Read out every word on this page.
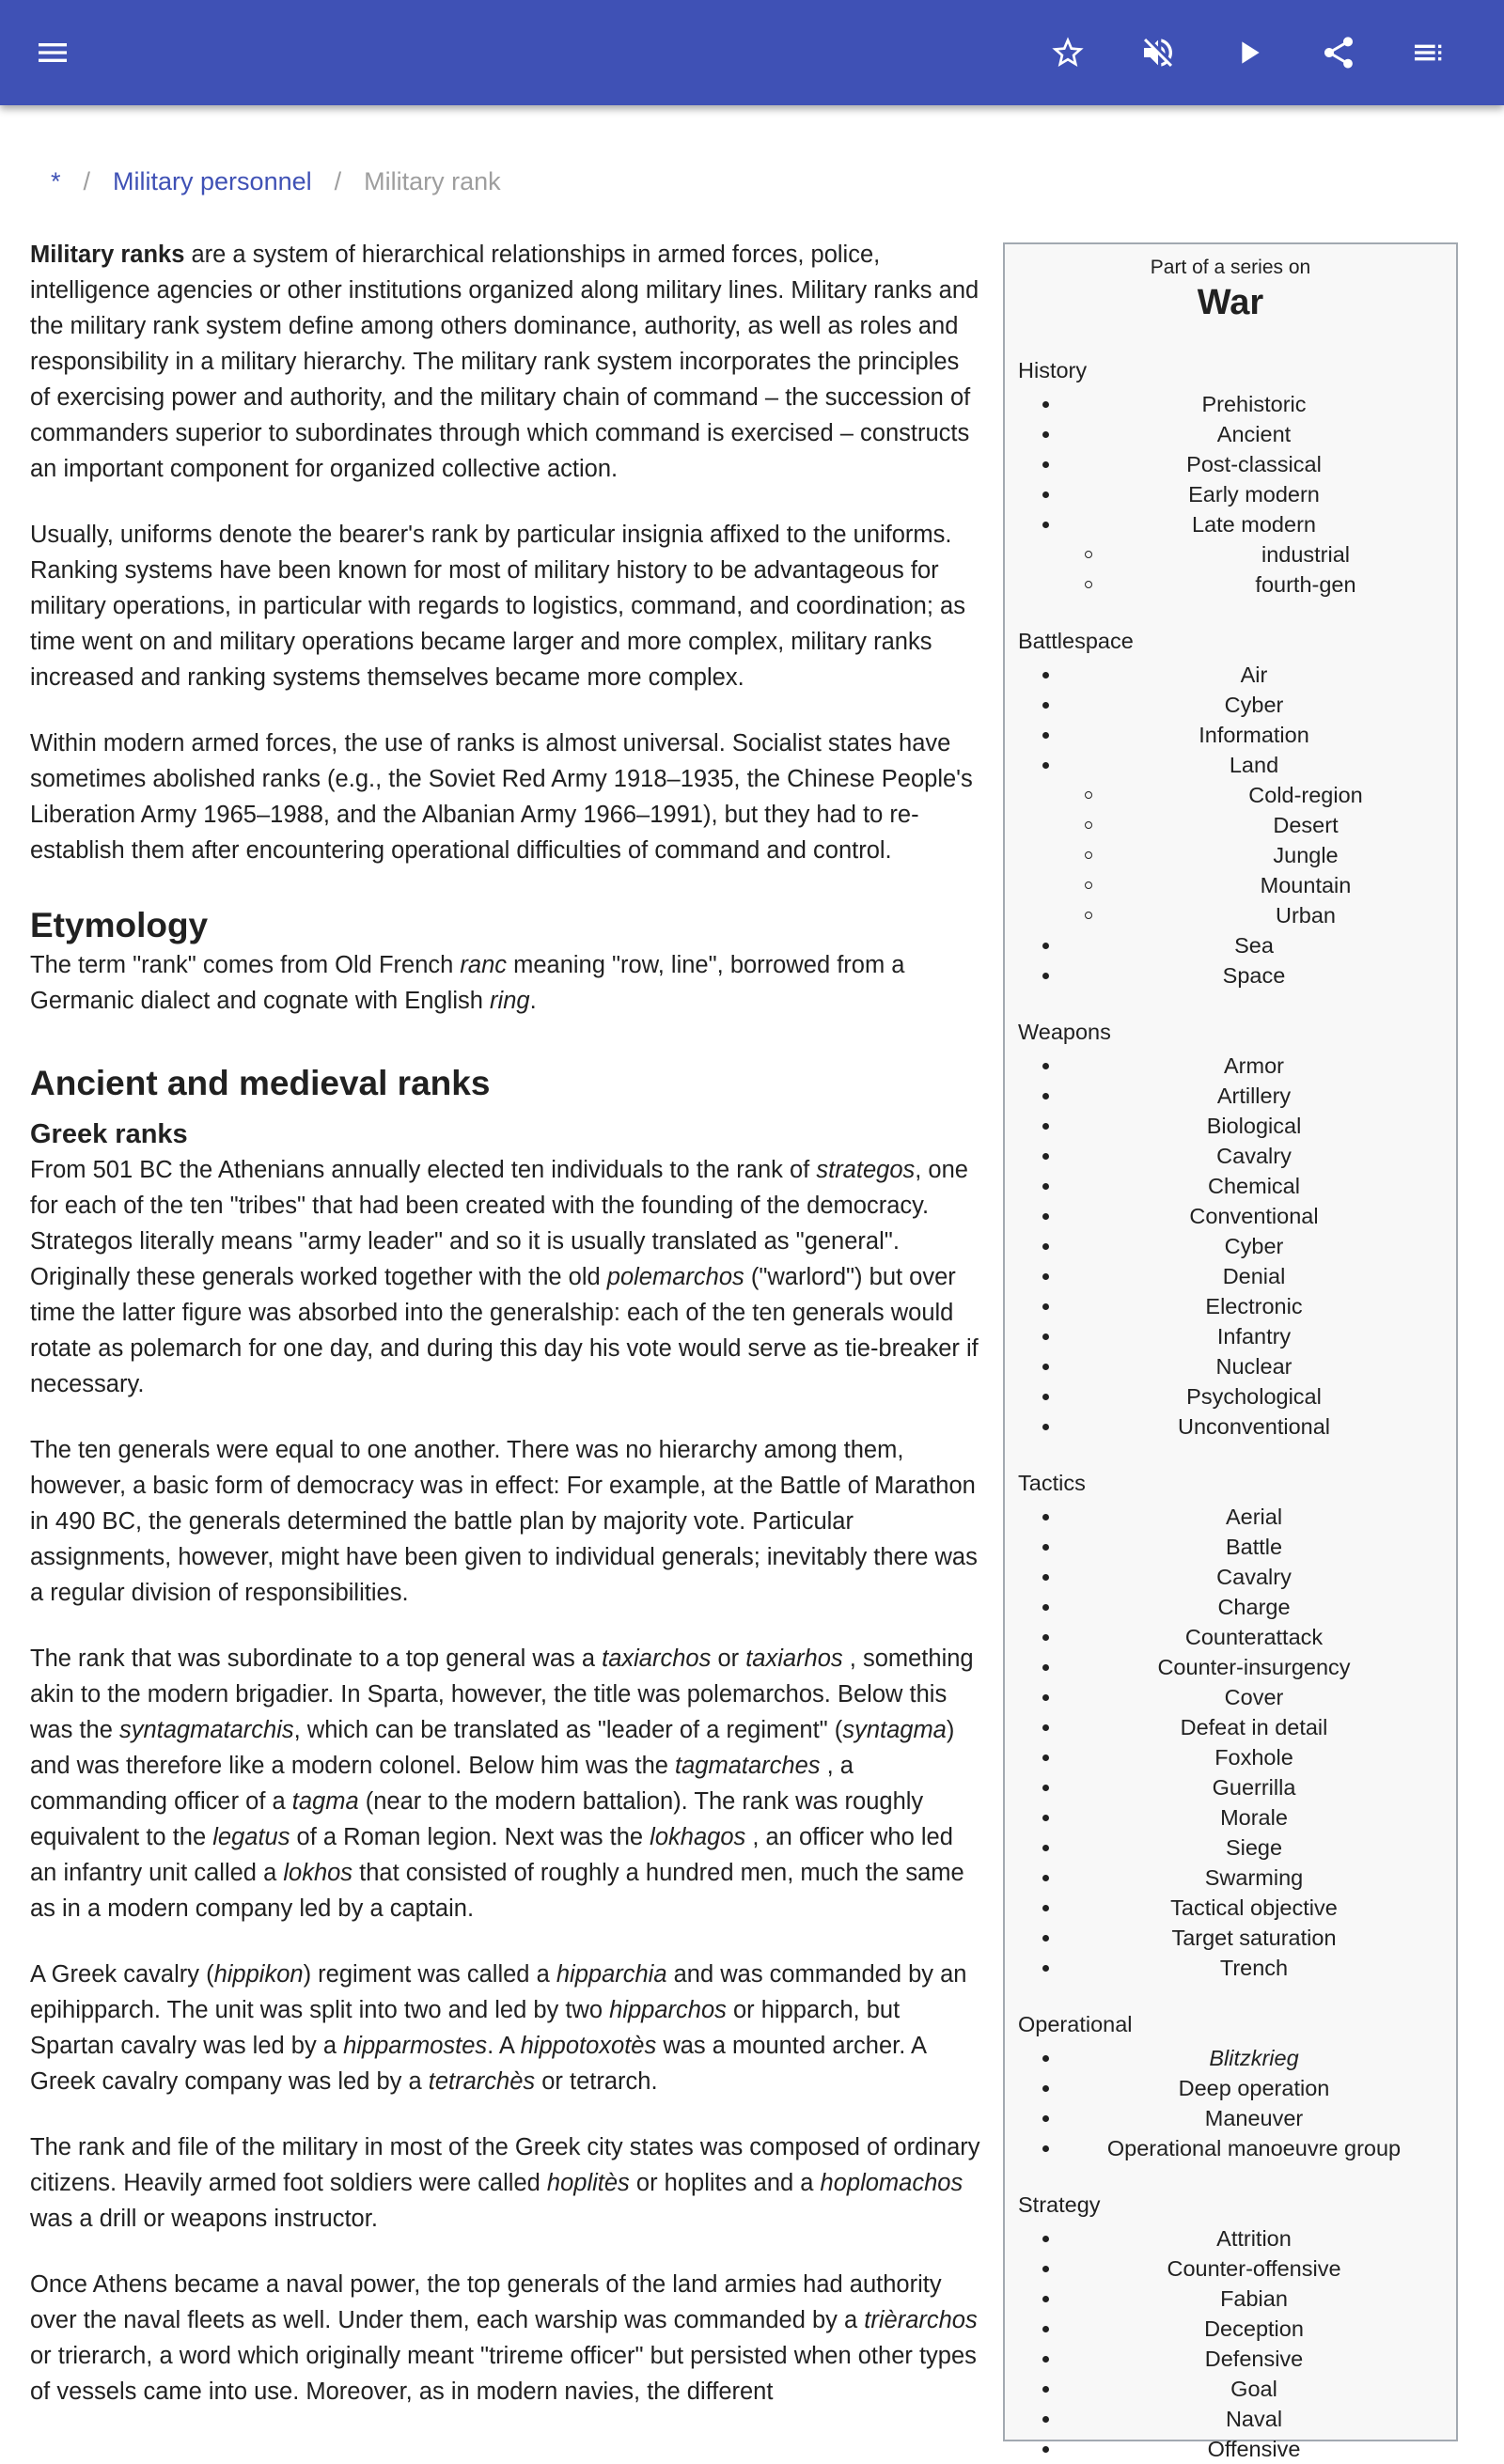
* / Military personnel / Military rank

Military ranks are a system of hierarchical relationships in armed forces, police, intelligence agencies or other institutions organized along military lines. Military ranks and the military rank system define among others dominance, authority, as well as roles and responsibility in a military hierarchy. The military rank system incorporates the principles of exercising power and authority, and the military chain of command – the succession of commanders superior to subordinates through which command is exercised – constructs an important component for organized collective action.

Usually, uniforms denote the bearer's rank by particular insignia affixed to the uniforms. Ranking systems have been known for most of military history to be advantageous for military operations, in particular with regards to logistics, command, and coordination; as time went on and military operations became larger and more complex, military ranks increased and ranking systems themselves became more complex.

Within modern armed forces, the use of ranks is almost universal. Socialist states have sometimes abolished ranks (e.g., the Soviet Red Army 1918–1935, the Chinese People's Liberation Army 1965–1988, and the Albanian Army 1966–1991), but they had to re-establish them after encountering operational difficulties of command and control.

Etymology

The term "rank" comes from Old French ranc meaning "row, line", borrowed from a Germanic dialect and cognate with English ring.

Ancient and medieval ranks
Greek ranks

From 501 BC the Athenians annually elected ten individuals to the rank of strategos, one for each of the ten "tribes" that had been created with the founding of the democracy. Strategos literally means "army leader" and so it is usually translated as "general". Originally these generals worked together with the old polemarchos ("warlord") but over time the latter figure was absorbed into the generalship: each of the ten generals would rotate as polemarch for one day, and during this day his vote would serve as tie-breaker if necessary.

The ten generals were equal to one another. There was no hierarchy among them, however, a basic form of democracy was in effect: For example, at the Battle of Marathon in 490 BC, the generals determined the battle plan by majority vote. Particular assignments, however, might have been given to individual generals; inevitably there was a regular division of responsibilities.

The rank that was subordinate to a top general was a taxiarchos or taxiarhos , something akin to the modern brigadier. In Sparta, however, the title was polemarchos. Below this was the syntagmatarchis, which can be translated as "leader of a regiment" (syntagma) and was therefore like a modern colonel. Below him was the tagmatarches , a commanding officer of a tagma (near to the modern battalion). The rank was roughly equivalent to the legatus of a Roman legion. Next was the lokhagos , an officer who led an infantry unit called a lokhos that consisted of roughly a hundred men, much the same as in a modern company led by a captain.

A Greek cavalry (hippikon) regiment was called a hipparchia and was commanded by an epihipparch. The unit was split into two and led by two hipparchos or hipparch, but Spartan cavalry was led by a hipparmostes. A hippotoxotès was a mounted archer. A Greek cavalry company was led by a tetrarchès or tetrarch.

The rank and file of the military in most of the Greek city states was composed of ordinary citizens. Heavily armed foot soldiers were called hoplitès or hoplites and a hoplomachos was a drill or weapons instructor.

Once Athens became a naval power, the top generals of the land armies had authority over the naval fleets as well. Under them, each warship was commanded by a trièrarchos or trierarch, a word which originally meant "trireme officer" but persisted when other types of vessels came into use. Moreover, as in modern navies, the different

Part of a series on
War
History
Prehistoric
Ancient
Post-classical
Early modern
Late modern
industrial
fourth-gen
Battlespace
Air
Cyber
Information
Land
Cold-region
Desert
Jungle
Mountain
Urban
Sea
Space
Weapons
Armor
Artillery
Biological
Cavalry
Chemical
Conventional
Cyber
Denial
Electronic
Infantry
Nuclear
Psychological
Unconventional
Tactics
Aerial
Battle
Cavalry
Charge
Counterattack
Counter-insurgency
Cover
Defeat in detail
Foxhole
Guerrilla
Morale
Siege
Swarming
Tactical objective
Target saturation
Trench
Operational
Blitzkrieg
Deep operation
Maneuver
Operational manoeuvre group
Strategy
Attrition
Counter-offensive
Fabian
Deception
Defensive
Goal
Naval
Offensive
